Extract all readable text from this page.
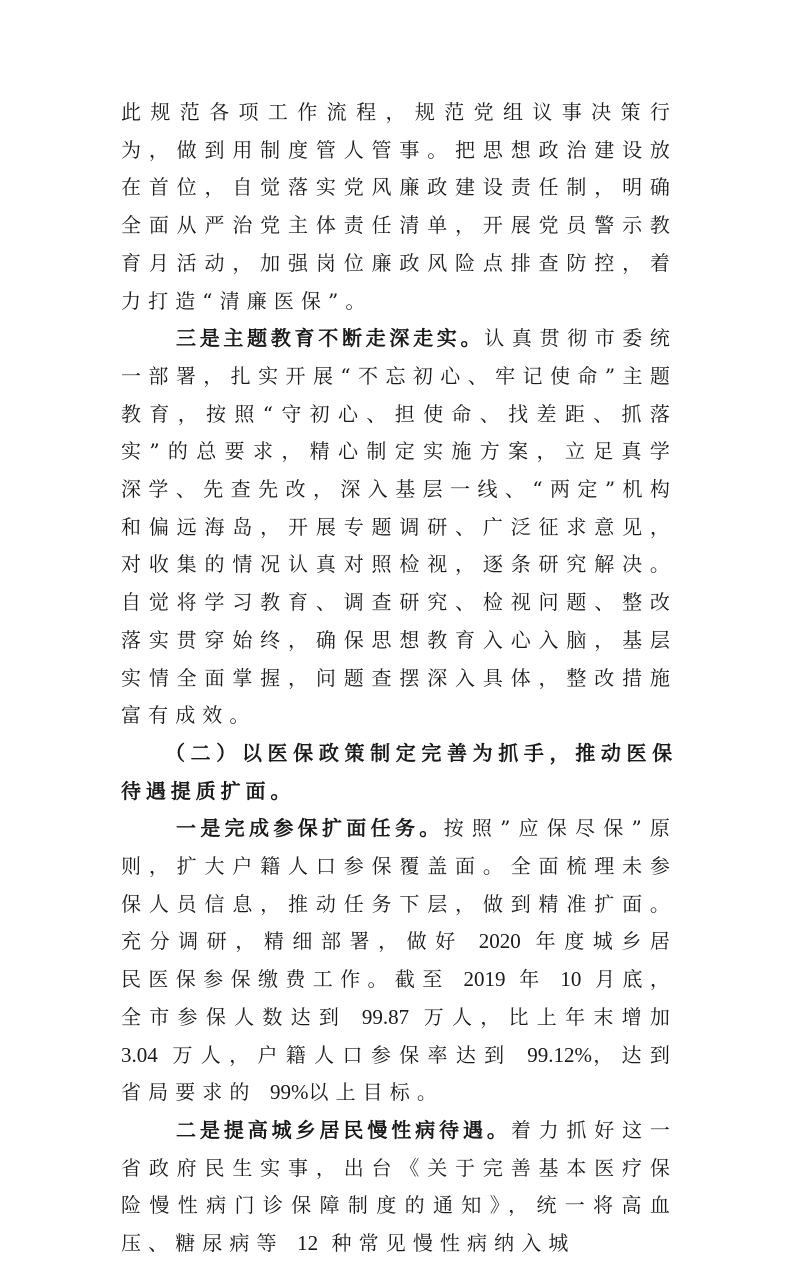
此规范各项工作流程，规范党组议事决策行为，做到用制度管人管事。把思想政治建设放在首位，自觉落实党风廉政建设责任制，明确全面从严治党主体责任清单，开展党员警示教育月活动，加强岗位廉政风险点排查防控，着力打造“清廉医保”。

三是主题教育不断走深走实。认真贯彻市委统一部署，扎实开展“不忘初心、牢记使命”主题教育，按照“守初心、担使命、找差距、抓落实”的总要求，精心制定实施方案，立足真学深学、先查先改，深入基层一线、“两定”机构和偏远海岛，开展专题调研、广泛征求意见，对收集的情况认真对照检视，逐条研究解决。自觉将学习教育、调查研究、检视问题、整改落实贯穿始终，确保思想教育入心入脑，基层实情全面掌握，问题查摆深入具体，整改措施富有成效。

（二）以医保政策制定完善为抓手，推动医保待遇提质扩面。

一是完成参保扩面任务。按照”应保尽保”原则，扩大户籍人口参保覆盖面。全面梳理未参保人员信息，推动任务下层，做到精准扩面。充分调研，精细部署，做好 2020 年度城乡居民医保参保缴费工作。截至 2019 年 10 月底，全市参保人数达到 99.87 万人，比上年末增加 3.04 万人，户籍人口参保率达到 99.12%，达到省局要求的 99%以上目标。

二是提高城乡居民慢性病待遇。着力抓好这一省政府民生实事，出台《关于完善基本医疗保险慢性病门诊保障制度的通知》，统一将高血压、糖尿病等 12 种常见慢性病纳入城
